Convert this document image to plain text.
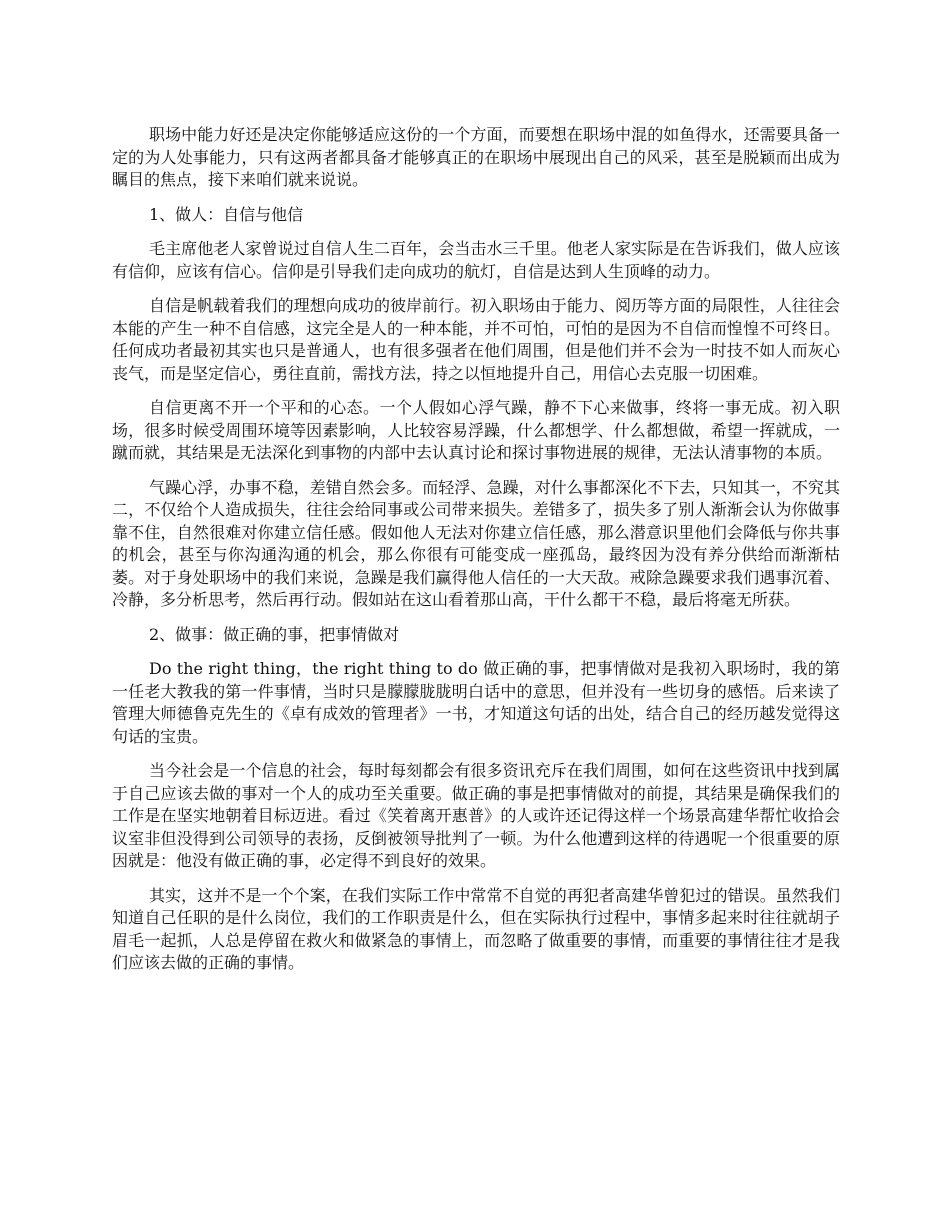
职场中能力好还是决定你能够适应这份的一个方面，而要想在职场中混的如鱼得水，还需要具备一定的为人处事能力，只有这两者都具备才能够真正的在职场中展现出自己的风采，甚至是脱颖而出成为瞩目的焦点，接下来咱们就来说说。

1、做人：自信与他信

毛主席他老人家曾说过自信人生二百年，会当击水三千里。他老人家实际是在告诉我们，做人应该有信仰，应该有信心。信仰是引导我们走向成功的航灯，自信是达到人生顶峰的动力。

自信是帆载着我们的理想向成功的彼岸前行。初入职场由于能力、阅历等方面的局限性，人往往会本能的产生一种不自信感，这完全是人的一种本能，并不可怕，可怕的是因为不自信而惶惶不可终日。任何成功者最初其实也只是普通人，也有很多强者在他们周围，但是他们并不会为一时技不如人而灰心丧气，而是坚定信心，勇往直前，需找方法，持之以恒地提升自己，用信心去克服一切困难。

自信更离不开一个平和的心态。一个人假如心浮气躁，静不下心来做事，终将一事无成。初入职场，很多时候受周围环境等因素影响，人比较容易浮躁，什么都想学、什么都想做，希望一挥就成，一蹴而就，其结果是无法深化到事物的内部中去认真讨论和探讨事物进展的规律，无法认清事物的本质。

气躁心浮，办事不稳，差错自然会多。而轻浮、急躁，对什么事都深化不下去，只知其一，不究其二，不仅给个人造成损失，往往会给同事或公司带来损失。差错多了，损失多了别人渐渐会认为你做事靠不住，自然很难对你建立信任感。假如他人无法对你建立信任感，那么潜意识里他们会降低与你共事的机会，甚至与你沟通沟通的机会，那么你很有可能变成一座孤岛，最终因为没有养分供给而渐渐枯萎。对于身处职场中的我们来说，急躁是我们赢得他人信任的一大天敌。戒除急躁要求我们遇事沉着、冷静，多分析思考，然后再行动。假如站在这山看着那山高，干什么都干不稳，最后将毫无所获。

2、做事：做正确的事，把事情做对

Do the right thing，the right thing to do 做正确的事，把事情做对是我初入职场时，我的第一任老大教我的第一件事情，当时只是朦朦胧胧明白话中的意思，但并没有一些切身的感悟。后来读了管理大师德鲁克先生的《卓有成效的管理者》一书，才知道这句话的出处，结合自己的经历越发觉得这句话的宝贵。

当今社会是一个信息的社会，每时每刻都会有很多资讯充斥在我们周围，如何在这些资讯中找到属于自己应该去做的事对一个人的成功至关重要。做正确的事是把事情做对的前提，其结果是确保我们的工作是在坚实地朝着目标迈进。看过《笑着离开惠普》的人或许还记得这样一个场景高建华帮忙收拾会议室非但没得到公司领导的表扬，反倒被领导批判了一顿。为什么他遭到这样的待遇呢一个很重要的原因就是：他没有做正确的事，必定得不到良好的效果。

其实，这并不是一个个案，在我们实际工作中常常不自觉的再犯者高建华曾犯过的错误。虽然我们知道自己任职的是什么岗位，我们的工作职责是什么，但在实际执行过程中，事情多起来时往往就胡子眉毛一起抓，人总是停留在救火和做紧急的事情上，而忽略了做重要的事情，而重要的事情往往才是我们应该去做的正确的事情。
